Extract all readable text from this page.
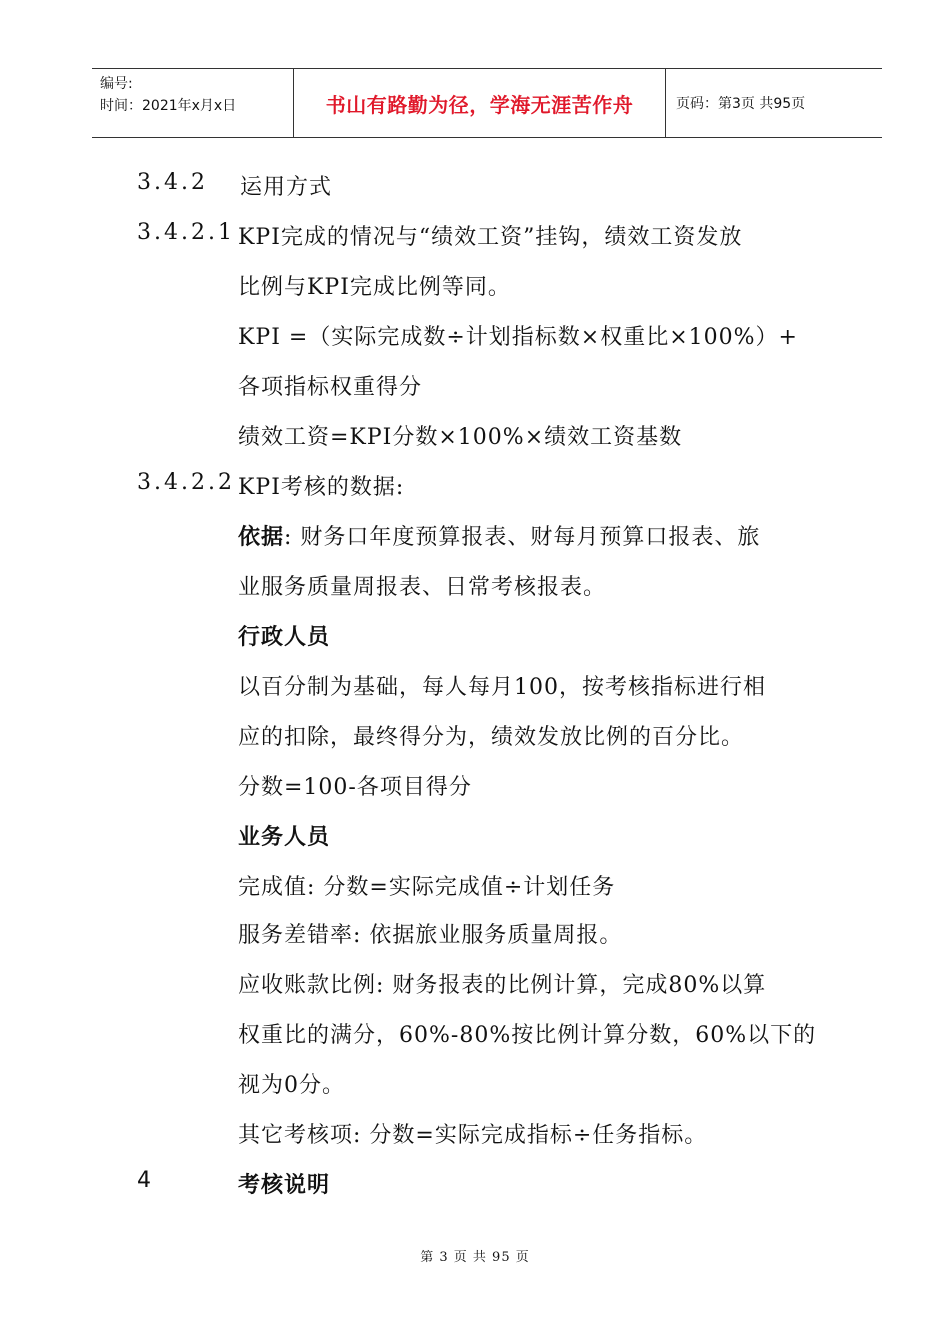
编号:
时间：2021年x月x日	书山有路勤为径，学海无涯苦作舟	页码：第3页 共95页
3.4.2 运用方式
3.4.2.1 KPI完成的情况与“绩效工资”挂钩，绩效工资发放
比例与KPI完成比例等同。
KPI =（实际完成数÷计划指标数×权重比×100%）+
各项指标权重得分
绩效工资=KPI分数×100%×绩效工资基数
3.4.2.2 KPI考核的数据:
依据: 财务口年度预算报表、财每月预算口报表、旅
业服务质量周报表、日常考核报表。
行政人员
以百分制为基础，每人每月100，按考核指标进行相
应的扣除，最终得分为，绩效发放比例的百分比。
分数=100-各项目得分
业务人员
完成值: 分数=实际完成值÷计划任务
服务差错率: 依据旅业服务质量周报。
应收账款比例: 财务报表的比例计算，完成80%以算
权重比的满分，60%-80%按比例计算分数，60%以下的
视为0分。
其它考核项: 分数=实际完成指标÷任务指标。
4	考核说明
第 3 页 共 95 页
